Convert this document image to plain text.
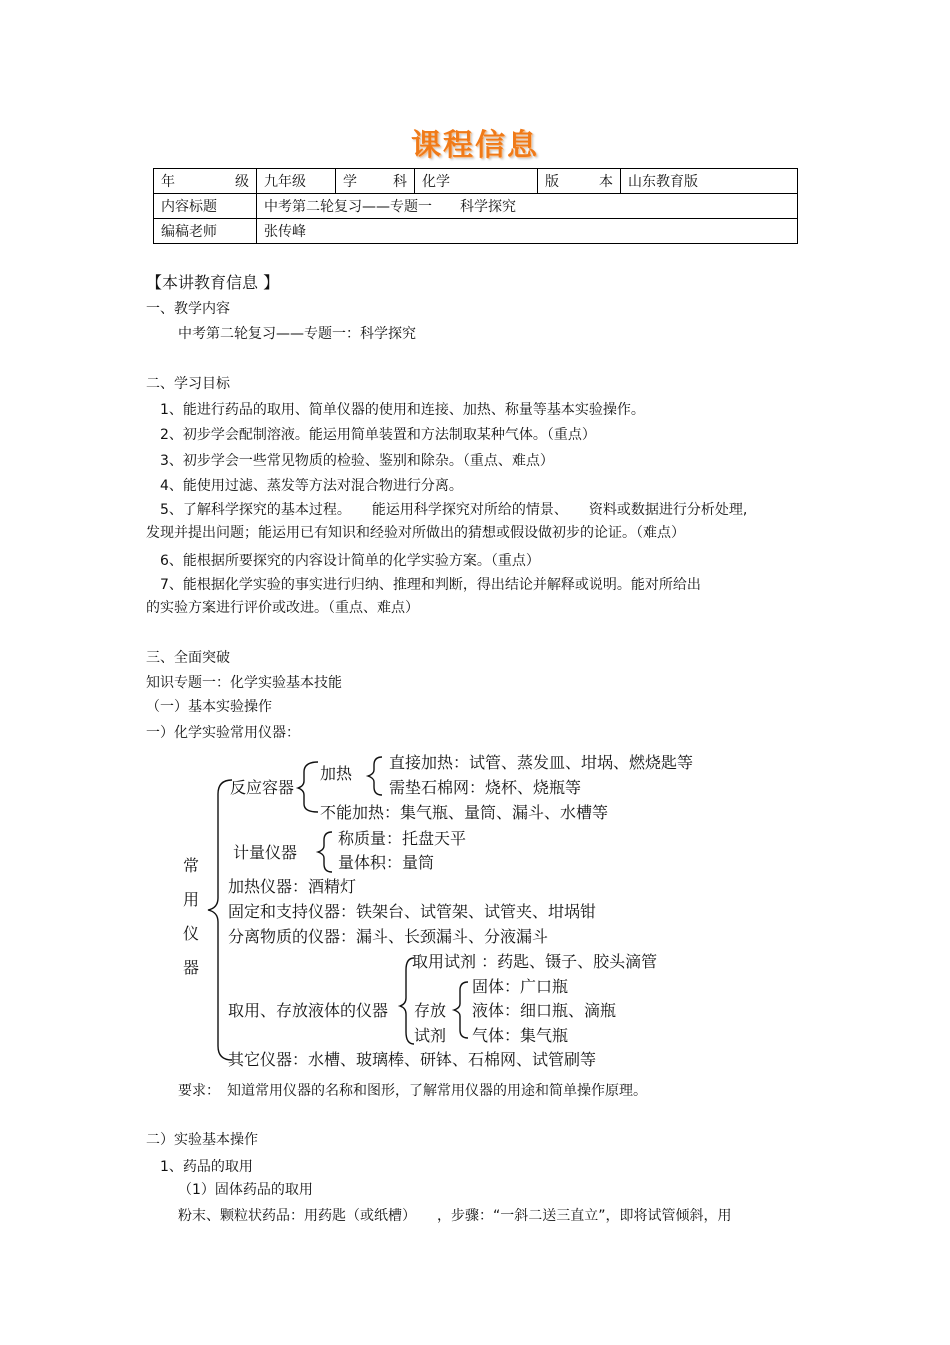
课程信息
年　　级	九年级	学　　科	化学	版　　本	山东教育版
内容标题	中考第二轮复习——专题一　　科学探究				
编稿老师	张传峰				
【本讲教育信息 】
一、教学内容
中考第二轮复习——专题一：科学探究
二、学习目标
1、能进行药品的取用、简单仪器的使用和连接、加热、称量等基本实验操作。
2、初步学会配制溶液。能运用简单装置和方法制取某种气体。（重点）
3、初步学会一些常见物质的检验、鉴别和除杂。（重点、难点）
4、能使用过滤、蒸发等方法对混合物进行分离。
5、了解科学探究的基本过程。　　能运用科学探究对所给的情景、　　资料或数据进行分析处理,
发现并提出问题；能运用已有知识和经验对所做出的猜想或假设做初步的论证。（难点）
6、能根据所要探究的内容设计简单的化学实验方案。（重点）
7、能根据化学实验的事实进行归纳、推理和判断，得出结论并解释或说明。能对所给出
的实验方案进行评价或改进。（重点、难点）
三、全面突破
知识专题一：化学实验基本技能
（一）基本实验操作
一）化学实验常用仪器：
常
用
仪
器
反应容器
加热
直接加热：试管、蒸发皿、坩埚、燃烧匙等
需垫石棉网：烧杯、烧瓶等
不能加热：集气瓶、量筒、漏斗、水槽等
计量仪器
称质量：托盘天平
量体积：量筒
加热仪器：酒精灯
固定和支持仪器：铁架台、试管架、试管夹、坩埚钳
分离物质的仪器：漏斗、长颈漏斗、分液漏斗
取用、存放液体的仪器
取用试剂 ：药匙、镊子、胶头滴管
存放
试剂
固体：广口瓶
液体：细口瓶、滴瓶
气体：集气瓶
其它仪器：水槽、玻璃棒、研钵、石棉网、试管刷等
要求：　知道常用仪器的名称和图形，了解常用仪器的用途和简单操作原理。
二）实验基本操作
1、药品的取用
（1）固体药品的取用
粉末、颗粒状药品：用药匙（或纸槽）　　，步骤：“一斜二送三直立”，即将试管倾斜，用
